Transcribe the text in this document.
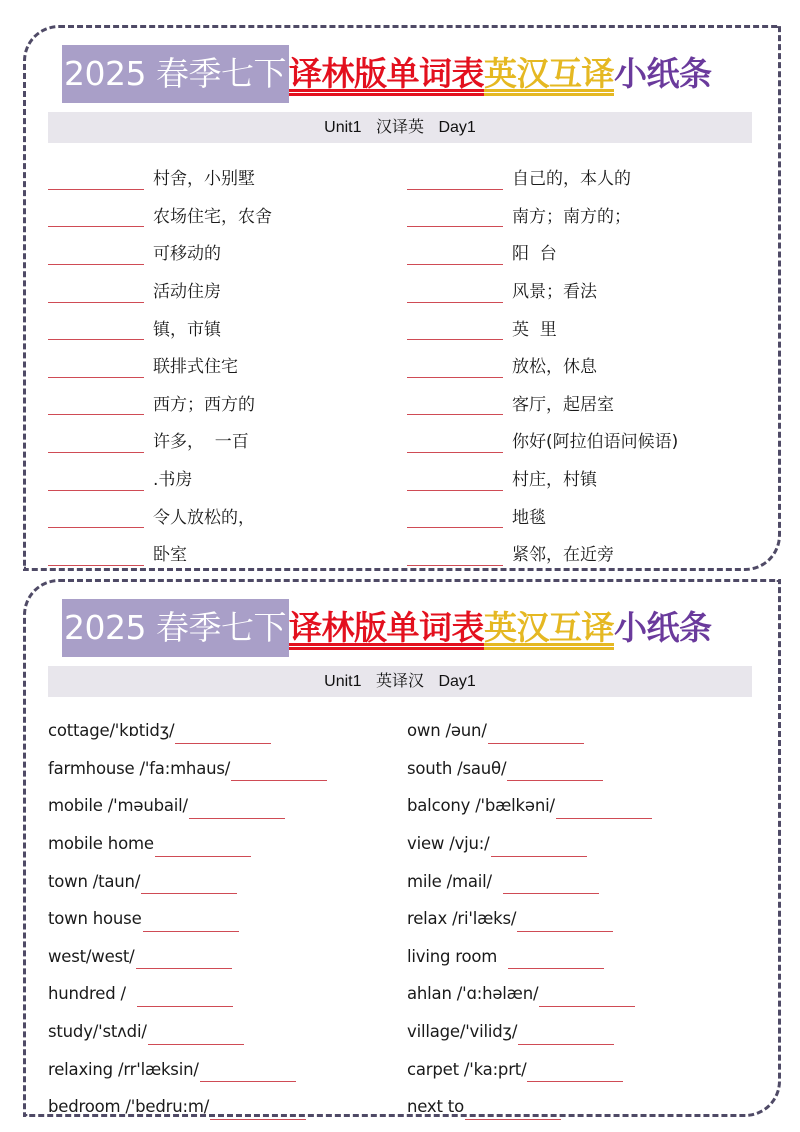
2025 春季七下 译林版单词表 英汉互译 小纸条
Unit1 汉译英 Day1
村舍，小别墅
农场住宅，农舍
可移动的
活动住房
镇，市镇
联排式住宅
西方；西方的
许多，  一百
.书房
令人放松的，
卧室
自己的，本人的
南方；南方的；
阳  台
风景；看法
英  里
放松，休息
客厅，起居室
你好(阿拉伯语问候语)
村庄，村镇
地毯
紧邻，在近旁
2025 春季七下 译林版单词表 英汉互译 小纸条
Unit1 英译汉 Day1
cottage/'kɒtidʒ/
farmhouse /'fa:mhaus/
mobile /'məubail/
mobile home
town /taun/
town house
west/west/
hundred /
study/'stʌdi/
relaxing /rr'læksin/
bedroom /'bedru:m/
own /əun/
south /sauθ/
balcony /'bælkəni/
view /vju:/
mile /mail/
relax /ri'læks/
living room
ahlan /'ɑ:həlæn/
village/'vilidʒ/
carpet /'ka:prt/
next to
